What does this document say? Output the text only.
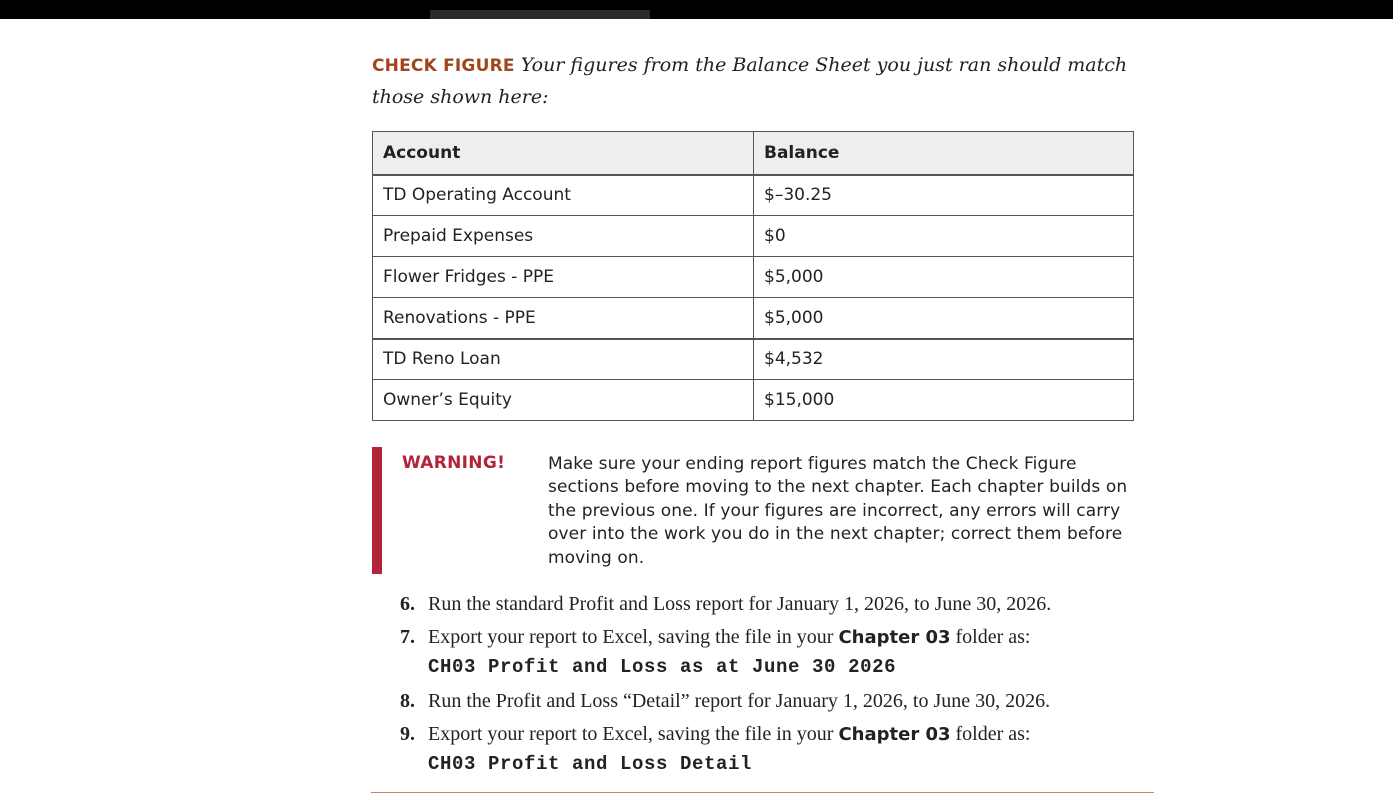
CHECK FIGURE Your figures from the Balance Sheet you just ran should match those shown here:
Account	Balance
TD Operating Account	$–30.25
Prepaid Expenses	$0
Flower Fridges - PPE	$5,000
Renovations - PPE	$5,000
TD Reno Loan	$4,532
Owner’s Equity	$15,000
WARNING!	Make sure your ending report figures match the Check Figure sections before moving to the next chapter. Each chapter builds on the previous one. If your figures are incorrect, any errors will carry over into the work you do in the next chapter; correct them before moving on.
6. Run the standard Profit and Loss report for January 1, 2026, to June 30, 2026.
7. Export your report to Excel, saving the file in your Chapter 03 folder as:
CH03 Profit and Loss as at June 30 2026
8. Run the Profit and Loss “Detail” report for January 1, 2026, to June 30, 2026.
9. Export your report to Excel, saving the file in your Chapter 03 folder as:
CH03 Profit and Loss Detail
